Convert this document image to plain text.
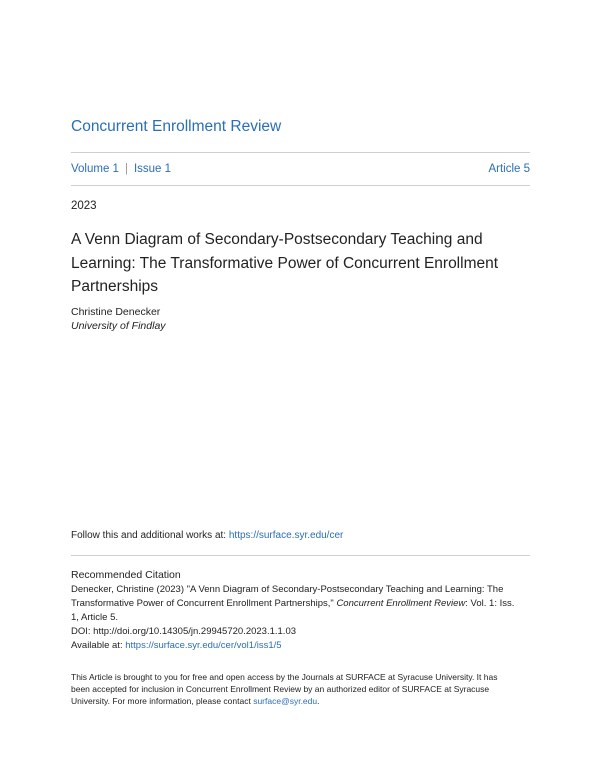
Concurrent Enrollment Review
Volume 1 | Issue 1	Article 5
2023
A Venn Diagram of Secondary-Postsecondary Teaching and
Learning: The Transformative Power of Concurrent Enrollment
Partnerships
Christine Denecker
University of Findlay
Follow this and additional works at: https://surface.syr.edu/cer
Recommended Citation
Denecker, Christine (2023) "A Venn Diagram of Secondary-Postsecondary Teaching and Learning: The
Transformative Power of Concurrent Enrollment Partnerships," Concurrent Enrollment Review: Vol. 1: Iss.
1, Article 5.
DOI: http://doi.org/10.14305/jn.29945720.2023.1.1.03
Available at: https://surface.syr.edu/cer/vol1/iss1/5
This Article is brought to you for free and open access by the Journals at SURFACE at Syracuse University. It has
been accepted for inclusion in Concurrent Enrollment Review by an authorized editor of SURFACE at Syracuse
University. For more information, please contact surface@syr.edu.
